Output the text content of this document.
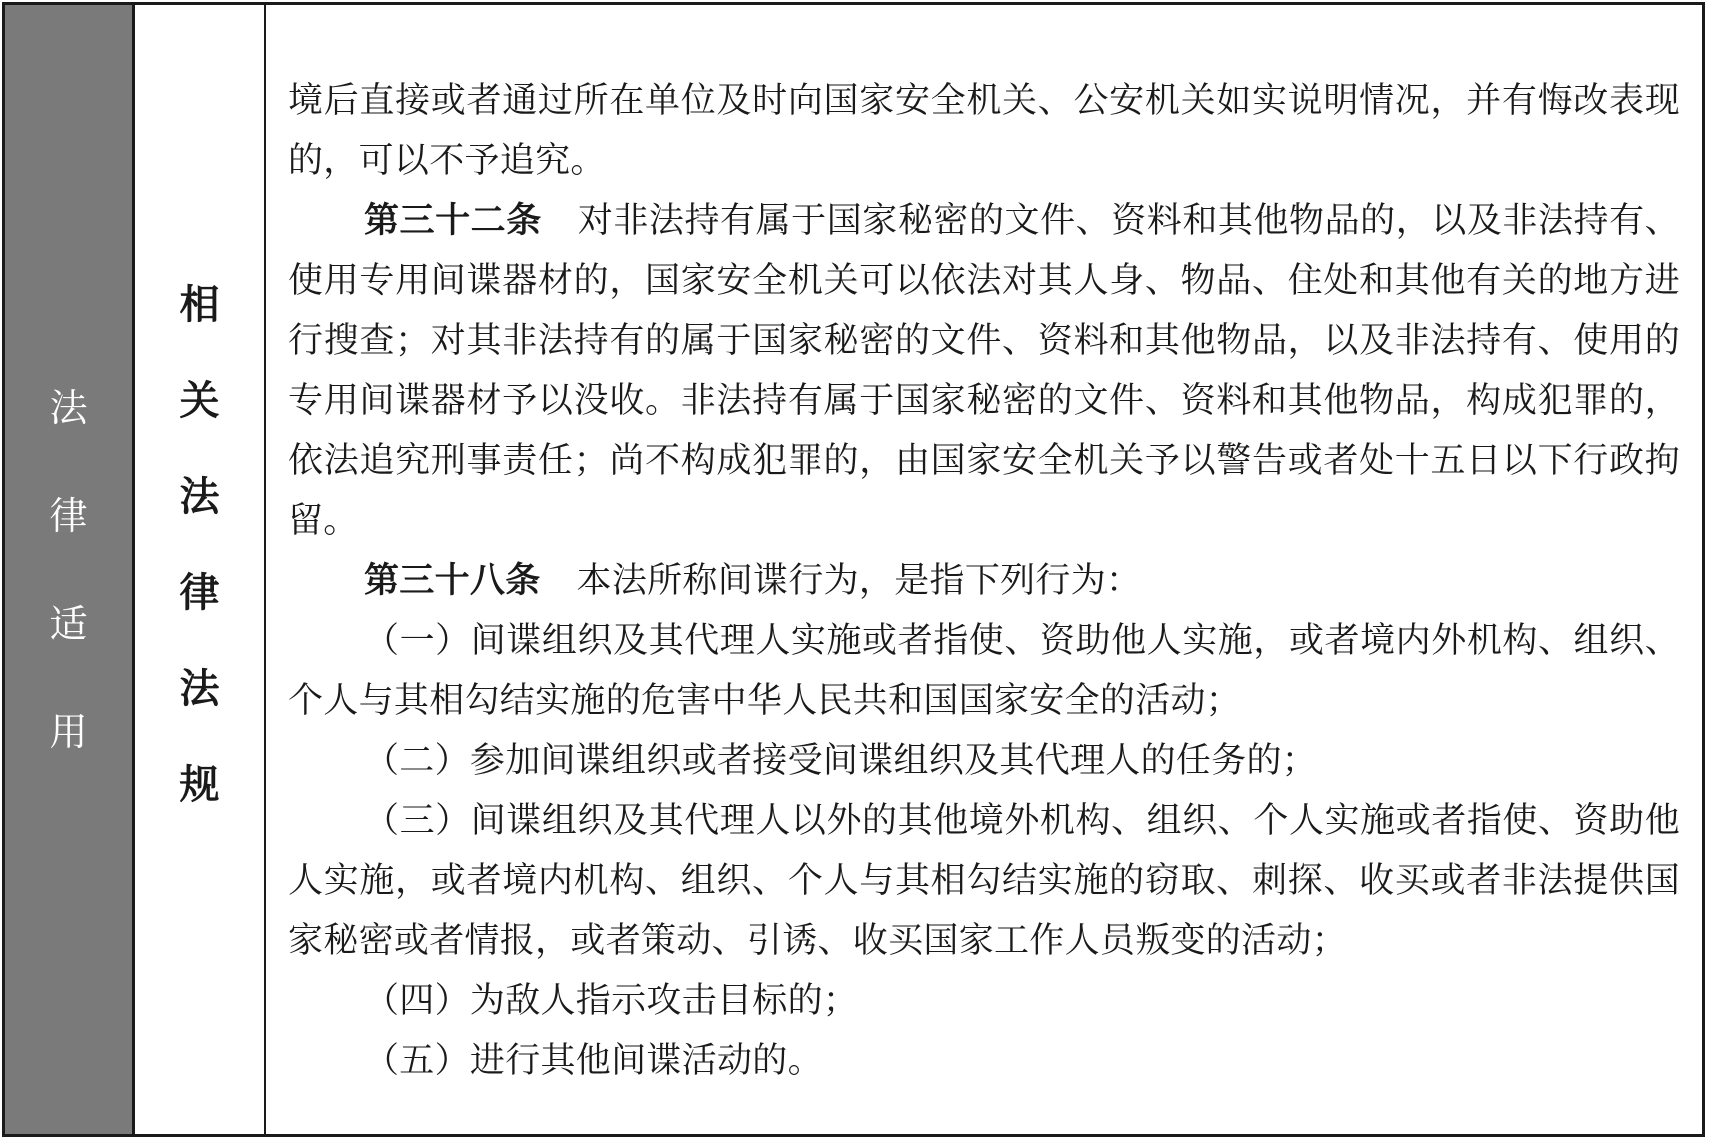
法
律
适
用
相
关
法
律
法
规

境后直接或者通过所在单位及时向国家安全机关、公安机关如实说明情况，并有悔改表现的，可以不予追究。

第三十二条 对非法持有属于国家秘密的文件、资料和其他物品的，以及非法持有、使用专用间谍器材的，国家安全机关可以依法对其人身、物品、住处和其他有关的地方进行搜查；对其非法持有的属于国家秘密的文件、资料和其他物品，以及非法持有、使用的专用间谍器材予以没收。非法持有属于国家秘密的文件、资料和其他物品，构成犯罪的，依法追究刑事责任；尚不构成犯罪的，由国家安全机关予以警告或者处十五日以下行政拘留。

第三十八条 本法所称间谍行为，是指下列行为：

（一）间谍组织及其代理人实施或者指使、资助他人实施，或者境内外机构、组织、个人与其相勾结实施的危害中华人民共和国国家安全的活动；

（二）参加间谍组织或者接受间谍组织及其代理人的任务的；

（三）间谍组织及其代理人以外的其他境外机构、组织、个人实施或者指使、资助他人实施，或者境内机构、组织、个人与其相勾结实施的窃取、刺探、收买或者非法提供国家秘密或者情报，或者策动、引诱、收买国家工作人员叛变的活动；

（四）为敌人指示攻击目标的；

（五）进行其他间谍活动的。
